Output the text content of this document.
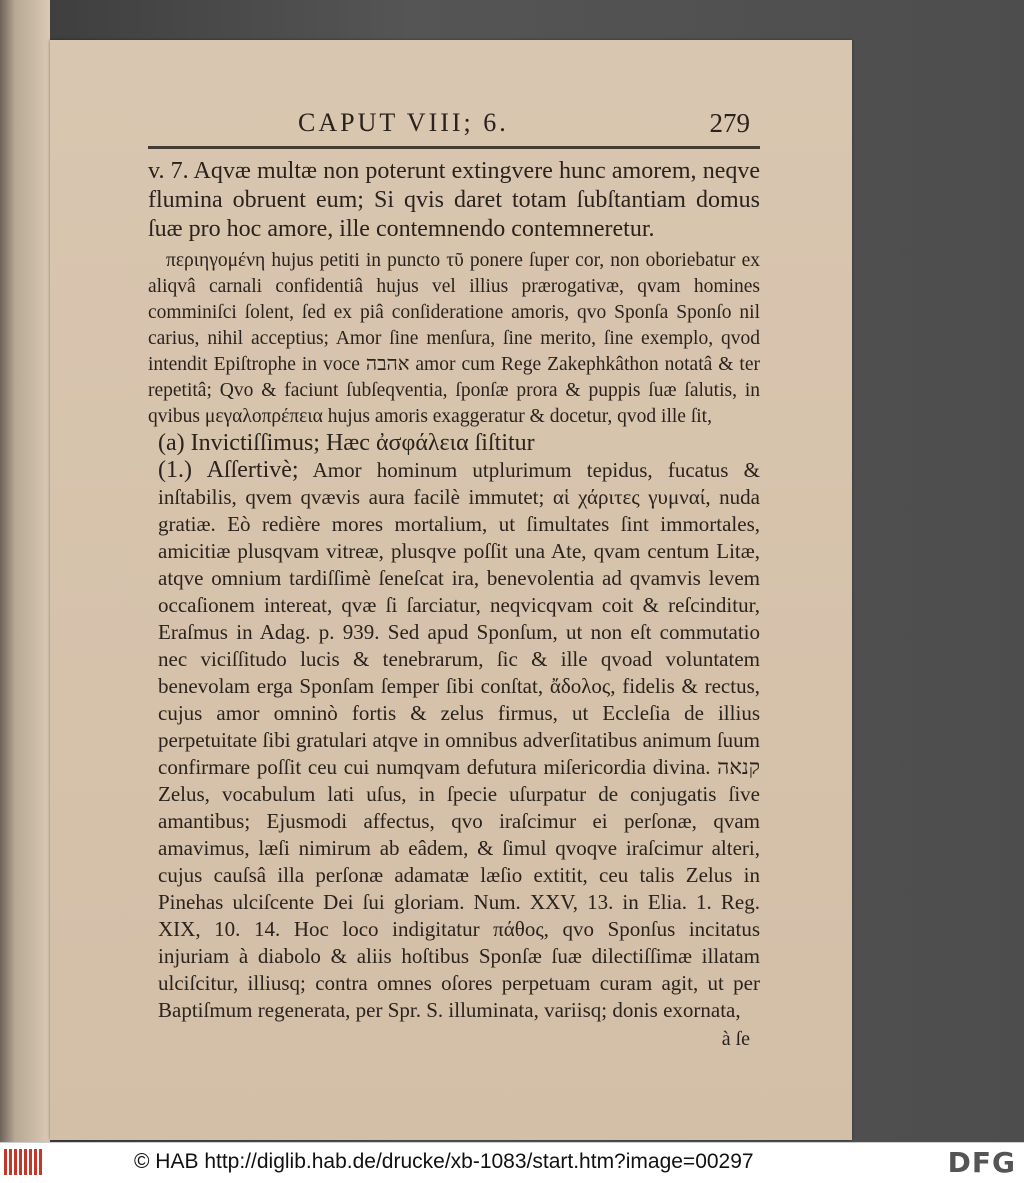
CAPUT VIII; 6.	279
v. 7. Aqvæ multæ non poterunt extingvere hunc amorem, neqve flumina obruent eum; Si qvis daret totam ſubſtantiam domus ſuæ pro hoc amore, ille contemnendo contemneretur.
περιηγομένη hujus petiti in puncto τῦ ponere ſuper cor, non oboriebatur ex aliqvâ carnali confidentiâ hujus vel illius prærogativæ, qvam homines comminiſci ſolent, ſed ex piâ conſideratione amoris, qvo Sponſa Sponſo nil carius, nihil acceptius; Amor ſine menſura, ſine merito, ſine exemplo, qvod intendit Epiſtrophe in voce אהבה amor cum Rege Zakephkâthon notatâ & ter repetitâ; Qvo & faciunt ſubſeqventia, ſponſæ prora & puppis ſuæ ſalutis, in qvibus μεγαλοπρέπεια hujus amoris exaggeratur & docetur, qvod ille ſit,
(a) Invictiſſimus; Hæc ἀσφάλεια ſiſtitur
(1.) Aſſertivè; Amor hominum utplurimum tepidus, fucatus & inſtabilis, qvem qvævis aura facilè immutet; αἱ χάριτες γυμναί, nuda gratiæ. Eò redière mores mortalium, ut ſimultates ſint immortales, amicitiæ plusqvam vitreæ, plusqve poſſit una Ate, qvam centum Litæ, atqve omnium tardiſſimè ſeneſcat ira, benevolentia ad qvamvis levem occaſionem intereat, qvæ ſi ſarciatur, neqvicqvam coit & reſcinditur, Eraſmus in Adag. p. 939. Sed apud Sponſum, ut non eſt commutatio nec viciſſitudo lucis & tenebrarum, ſic & ille qvoad voluntatem benevolam erga Sponſam ſemper ſibi conſtat, ἄδολος, fidelis & rectus, cujus amor omninò fortis & zelus firmus, ut Eccleſia de illius perpetuitate ſibi gratulari atqve in omnibus adverſitatibus animum ſuum confirmare poſſit ceu cui numqvam defutura miſericordia divina. קנאה Zelus, vocabulum lati uſus, in ſpecie uſurpatur de conjugatis ſive amantibus; Ejusmodi affectus, qvo iraſcimur ei perſonæ, qvam amavimus, læſi nimirum ab eâdem, & ſimul qvoqve iraſcimur alteri, cujus cauſsâ illa perſonæ adamatæ læſio extitit, ceu talis Zelus in Pinehas ulciſcente Dei ſui gloriam. Num. XXV, 13. in Elia. 1. Reg. XIX, 10. 14. Hoc loco indigitatur πάθος, qvo Sponſus incitatus injuriam à diabolo & aliis hoſtibus Sponſæ ſuæ dilectiſſimæ illatam ulciſcitur, illiusq; contra omnes oſores perpetuam curam agit, ut per Baptiſmum regenerata, per Spr. S. illuminata, variisq; donis exornata,
à ſe
© HAB http://diglib.hab.de/drucke/xb-1083/start.htm?image=00297	DFG
